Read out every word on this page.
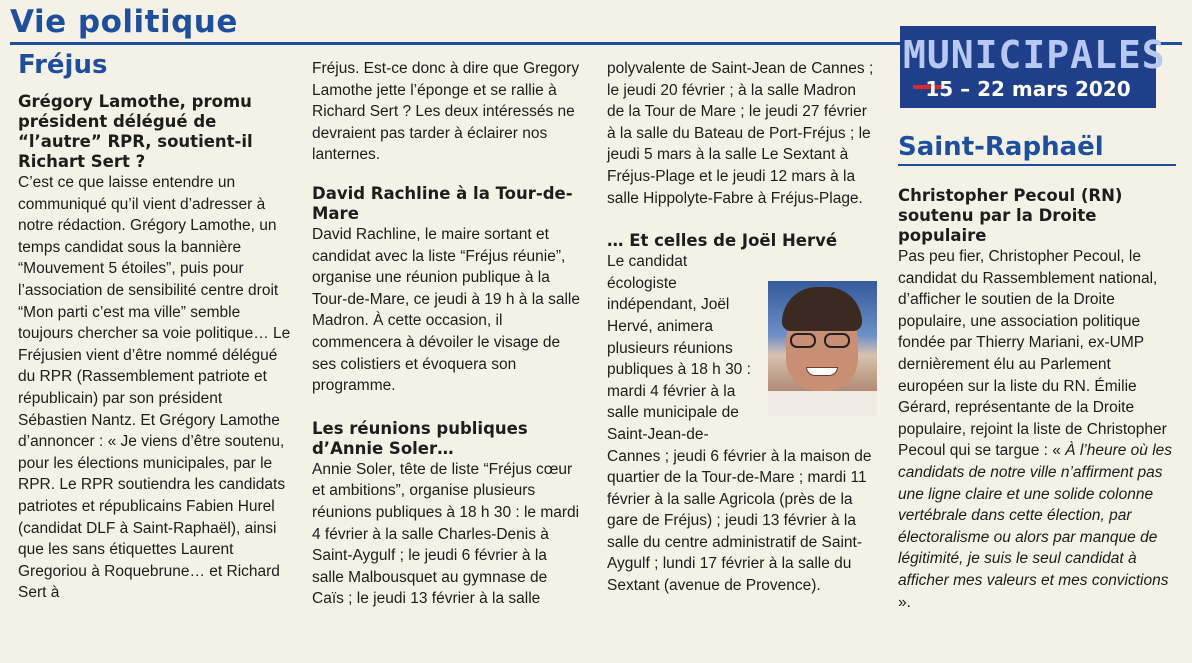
Vie politique
MUNICIPALES
15 – 22 mars 2020
Fréjus
Grégory Lamothe, promu président délégué de “l’autre” RPR, soutient-il Richart Sert ?

C’est ce que laisse entendre un communiqué qu’il vient d’adresser à notre rédaction. Grégory Lamothe, un temps candidat sous la bannière “Mouvement 5 étoiles”, puis pour l’association de sensibilité centre droit “Mon parti c’est ma ville” semble toujours chercher sa voie politique… Le Fréjusien vient d’être nommé délégué du RPR (Rassemblement patriote et républicain) par son président Sébastien Nantz. Et Grégory Lamothe d’annoncer : « Je viens d’être soutenu, pour les élections municipales, par le RPR. Le RPR soutiendra les candidats patriotes et républicains Fabien Hurel (candidat DLF à Saint-Raphaël), ainsi que les sans étiquettes Laurent Gregoriou à Roquebrune… et Richard Sert à

Fréjus. Est-ce donc à dire que Gregory Lamothe jette l’éponge et se rallie à Richard Sert ? Les deux intéressés ne devraient pas tarder à éclairer nos lanternes.

David Rachline à la Tour-de-Mare

David Rachline, le maire sortant et candidat avec la liste “Fréjus réunie”, organise une réunion publique à la Tour-de-Mare, ce jeudi à 19 h à la salle Madron. À cette occasion, il commencera à dévoiler le visage de ses colistiers et évoquera son programme.

Les réunions publiques d’Annie Soler…

Annie Soler, tête de liste “Fréjus cœur et ambitions”, organise plusieurs réunions publiques à 18 h 30 : le mardi 4 février à la salle Charles-Denis à Saint-Aygulf ; le jeudi 6 février à la salle Malbousquet au gymnase de Caïs ; le jeudi 13 février à la salle

polyvalente de Saint-Jean de Cannes ; le jeudi 20 février ; à la salle Madron de la Tour de Mare ; le jeudi 27 février à la salle du Bateau de Port-Fréjus ; le jeudi 5 mars à la salle Le Sextant à Fréjus-Plage et le jeudi 12 mars à la salle Hippolyte-Fabre à Fréjus-Plage.

… Et celles de Joël Hervé

Le candidat écologiste indépendant, Joël Hervé, animera plusieurs réunions publiques à 18 h 30 : mardi 4 février à la salle municipale de Saint-Jean-de-

Cannes ; jeudi 6 février à la maison de quartier de la Tour-de-Mare ; mardi 11 février à la salle Agricola (près de la gare de Fréjus) ; jeudi 13 février à la salle du centre administratif de Saint-Aygulf ; lundi 17 février à la salle du Sextant (avenue de Provence).

Saint-Raphaël
Christopher Pecoul (RN) soutenu par la Droite populaire

Pas peu fier, Christopher Pecoul, le candidat du Rassemblement national, d’afficher le soutien de la Droite populaire, une association politique fondée par Thierry Mariani, ex-UMP dernièrement élu au Parlement européen sur la liste du RN. Émilie Gérard, représentante de la Droite populaire, rejoint la liste de Christopher Pecoul qui se targue : « À l’heure où les candidats de notre ville n’affirment pas une ligne claire et une solide colonne vertébrale dans cette élection, par électoralisme ou alors par manque de légitimité, je suis le seul candidat à afficher mes valeurs et mes convictions ».
